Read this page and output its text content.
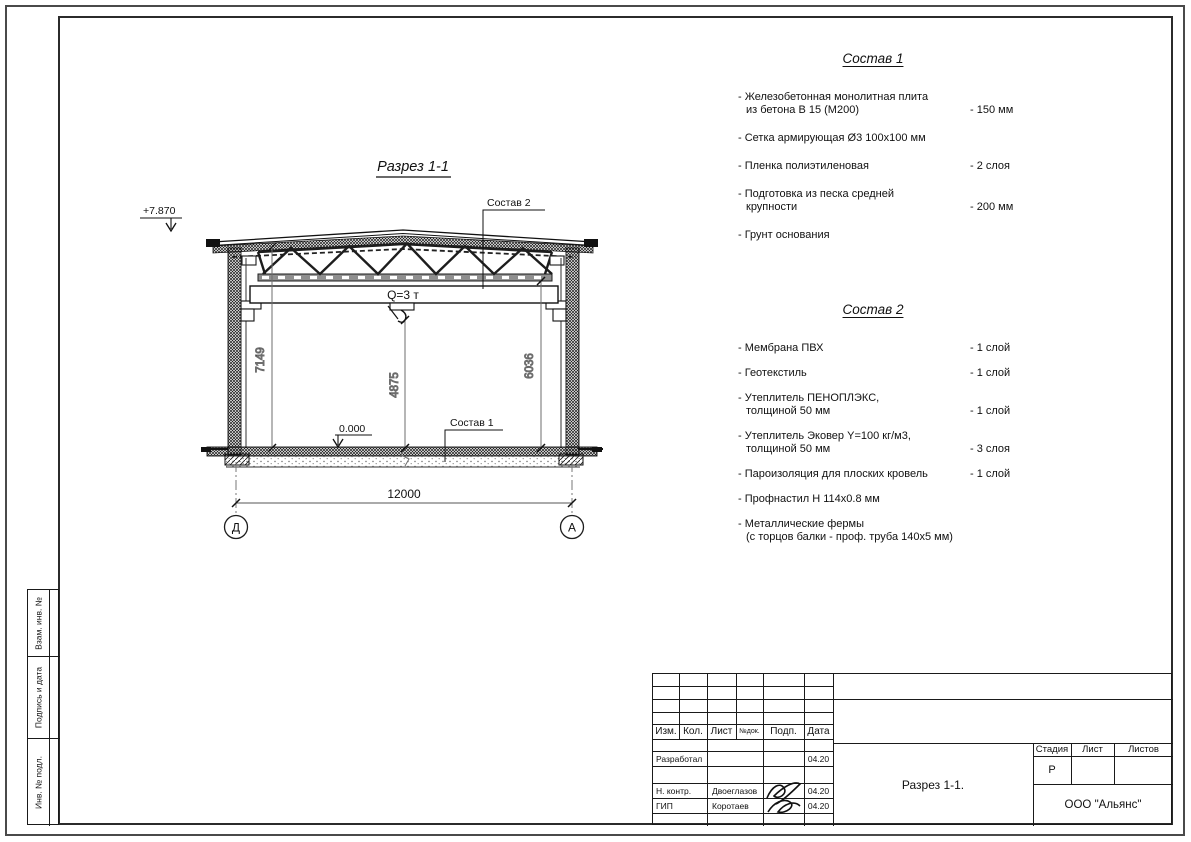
Разрез 1-1
Q=3 т
+7.870
0.000
Состав 2
Состав 1
7149
4875
6036
12000
Д	А
Состав 1
- Железобетонная монолитная плита
из бетона В 15 (М200)	- 150 мм
- Сетка армирующая Ø3 100х100 мм
- Пленка полиэтиленовая	- 2 слоя
- Подготовка из песка средней
крупности	- 200 мм
- Грунт основания
Состав 2
- Мембрана ПВХ	- 1 слой
- Геотекстиль	- 1 слой
- Утеплитель ПЕНОПЛЭКС,
толщиной 50 мм	- 1 слой
- Утеплитель Эковер Y=100 кг/м3,
толщиной 50 мм	- 3 слоя
- Пароизоляция для плоских кровель	- 1 слой
- Профнастил Н 114х0.8 мм
- Металлические фермы
(с торцов балки - проф. труба 140х5 мм)
Изм. Кол. Лист №док.	Подп.	Дата
Разработал	04.20
Н. контр.	Двоеглазов	04.20
ГИП	Коротаев	04.20
Разрез 1-1.
Стадия	Лист	Листов
Р
ООО "Альянс"
Взам. инв. №
Подпись и дата
Инв. № подл.
